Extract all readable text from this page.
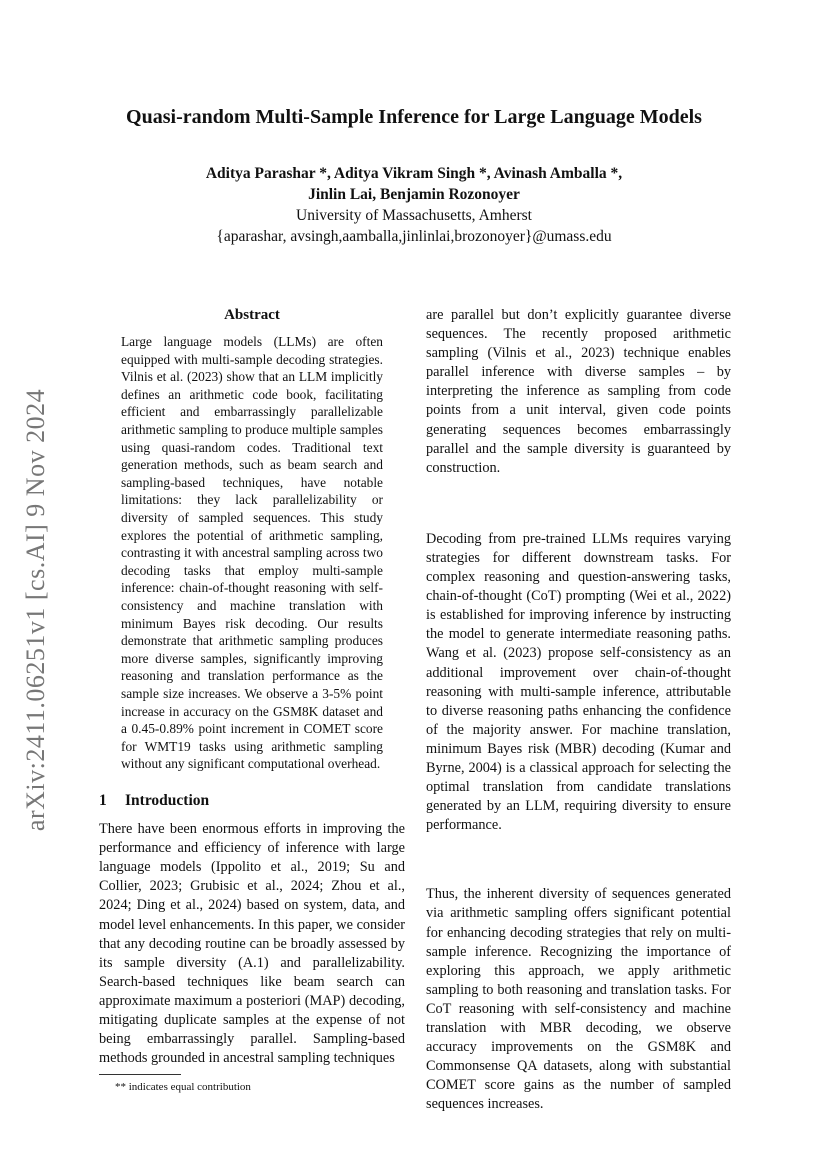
arXiv:2411.06251v1 [cs.AI] 9 Nov 2024
Quasi-random Multi-Sample Inference for Large Language Models
Aditya Parashar *, Aditya Vikram Singh *, Avinash Amballa *,
Jinlin Lai, Benjamin Rozonoyer
University of Massachusetts, Amherst
{aparashar, avsingh,aamballa,jinlinlai,brozonoyer}@umass.edu
Abstract

Large language models (LLMs) are often equipped with multi-sample decoding strategies. Vilnis et al. (2023) show that an LLM implicitly defines an arithmetic code book, facilitating efficient and embarrassingly parallelizable arithmetic sampling to produce multiple samples using quasi-random codes. Traditional text generation methods, such as beam search and sampling-based techniques, have notable limitations: they lack parallelizability or diversity of sampled sequences. This study explores the potential of arithmetic sampling, contrasting it with ancestral sampling across two decoding tasks that employ multi-sample inference: chain-of-thought reasoning with self-consistency and machine translation with minimum Bayes risk decoding. Our results demonstrate that arithmetic sampling produces more diverse samples, significantly improving reasoning and translation performance as the sample size increases. We observe a 3-5% point increase in accuracy on the GSM8K dataset and a 0.45-0.89% point increment in COMET score for WMT19 tasks using arithmetic sampling without any significant computational overhead.

1 Introduction

There have been enormous efforts in improving the performance and efficiency of inference with large language models (Ippolito et al., 2019; Su and Collier, 2023; Grubisic et al., 2024; Zhou et al., 2024; Ding et al., 2024) based on system, data, and model level enhancements. In this paper, we consider that any decoding routine can be broadly assessed by its sample diversity (A.1) and parallelizability. Search-based techniques like beam search can approximate maximum a posteriori (MAP) decoding, mitigating duplicate samples at the expense of not being embarrassingly parallel. Sampling-based methods grounded in ancestral sampling techniques

** indicates equal contribution

are parallel but don’t explicitly guarantee diverse sequences. The recently proposed arithmetic sampling (Vilnis et al., 2023) technique enables parallel inference with diverse samples – by interpreting the inference as sampling from code points from a unit interval, given code points generating sequences becomes embarrassingly parallel and the sample diversity is guaranteed by construction.

Decoding from pre-trained LLMs requires varying strategies for different downstream tasks. For complex reasoning and question-answering tasks, chain-of-thought (CoT) prompting (Wei et al., 2022) is established for improving inference by instructing the model to generate intermediate reasoning paths. Wang et al. (2023) propose self-consistency as an additional improvement over chain-of-thought reasoning with multi-sample inference, attributable to diverse reasoning paths enhancing the confidence of the majority answer. For machine translation, minimum Bayes risk (MBR) decoding (Kumar and Byrne, 2004) is a classical approach for selecting the optimal translation from candidate translations generated by an LLM, requiring diversity to ensure performance.

Thus, the inherent diversity of sequences generated via arithmetic sampling offers significant potential for enhancing decoding strategies that rely on multi-sample inference. Recognizing the importance of exploring this approach, we apply arithmetic sampling to both reasoning and translation tasks. For CoT reasoning with self-consistency and machine translation with MBR decoding, we observe accuracy improvements on the GSM8K and Commonsense QA datasets, along with substantial COMET score gains as the number of sampled sequences increases.
